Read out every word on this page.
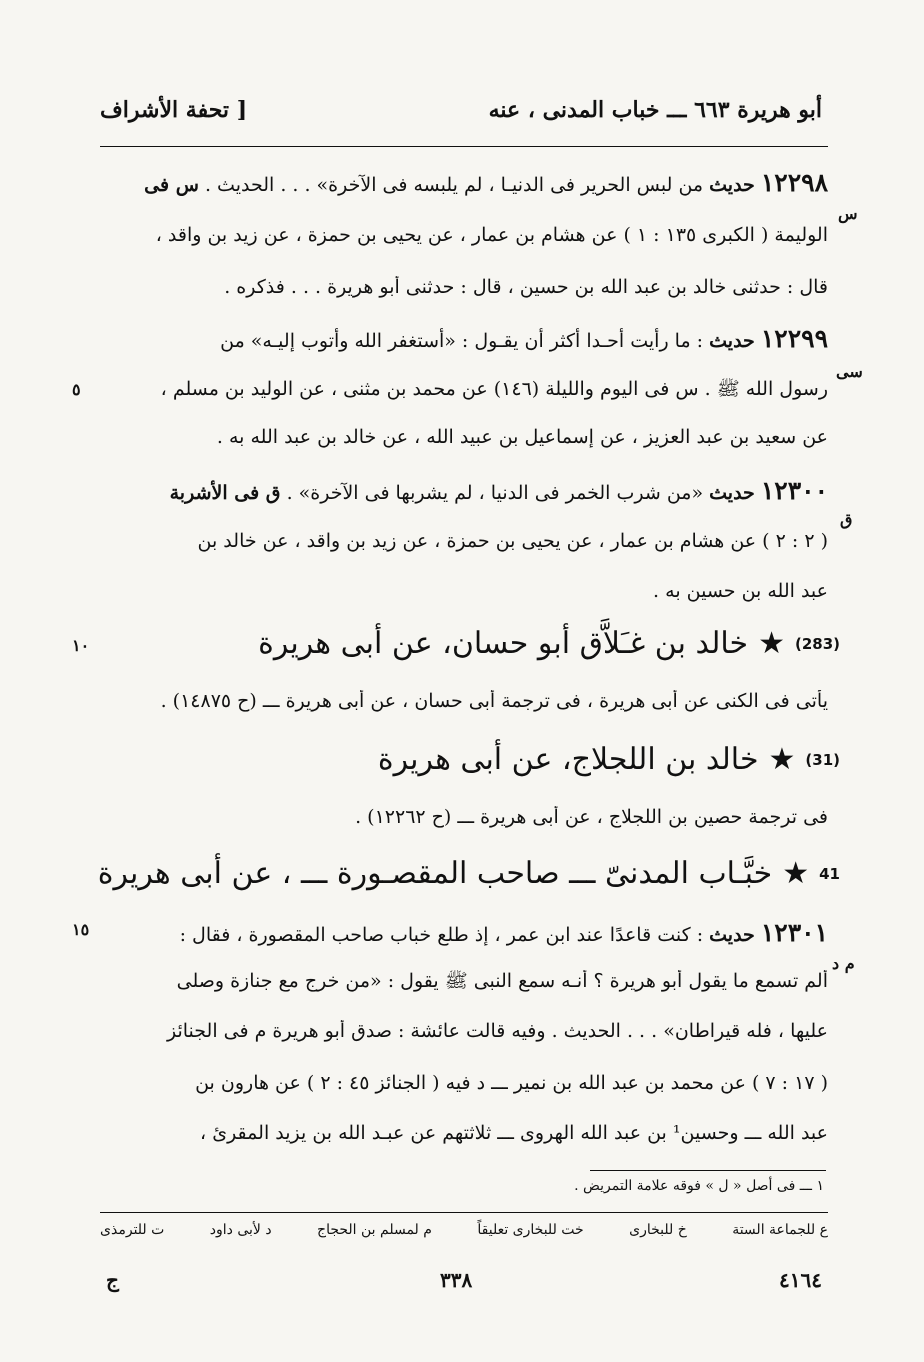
أبو هريرة ٦٦٣ ـــ خباب المدنى ، عنه
[ تحفة الأشراف
١٢٢٩٨ حديث من لبس الحرير فى الدنيـا ، لم يلبسه فى الآخرة» . . . الحديث . س فى
الوليمة ( الكبرى ١٣٥ : ١ ) عن هشام بن عمار ، عن يحيى بن حمزة ، عن زيد بن واقد ،
قال : حدثنى خالد بن عبد الله بن حسين ، قال : حدثنى أبو هريرة . . . فذكره .
١٢٢٩٩ حديث : ما رأيت أحـدا أكثر أن يقـول : «أستغفر الله وأتوب إليـه» من
رسول الله ﷺ . س فى اليوم والليلة (١٤٦) عن محمد بن مثنى ، عن الوليد بن مسلم ،
عن سعيد بن عبد العزيز ، عن إسماعيل بن عبيد الله ، عن خالد بن عبد الله به .
١٢٣٠٠ حديث «من شرب الخمر فى الدنيا ، لم يشربها فى الآخرة» . ق فى الأشربة
( ٢ : ٢ ) عن هشام بن عمار ، عن يحيى بن حمزة ، عن زيد بن واقد ، عن خالد بن
عبد الله بن حسين به .
س
سى
ق
م د
٥
١٠
١٥
(283)
★
خالد بن غـَلاَّق أبو حسان، عن أبى هريرة
يأتى فى الكنى عن أبى هريرة ، فى ترجمة أبى حسان ، عن أبى هريرة ـــ (ح ١٤٨٧٥) .
(31)
★
خالد بن اللجلاج، عن أبى هريرة
فى ترجمة حصين بن اللجلاج ، عن أبى هريرة ـــ (ح ١٢٢٦٢) .
41
★
خبَّـاب المدنىّ ـــ صاحب المقصـورة ـــ ، عن أبى هريرة
١٢٣٠١ حديث : كنت قاعدًا عند ابن عمر ، إذ طلع خباب صاحب المقصورة ، فقال :
ألم تسمع ما يقول أبو هريرة ؟ أنـه سمع النبى ﷺ يقول : «من خرج مع جنازة وصلى
عليها ، فله قيراطان» . . . الحديث . وفيه قالت عائشة : صدق أبو هريرة م فى الجنائز
( ١٧ : ٧ ) عن محمد بن عبد الله بن نمير ـــ د فيه ( الجنائز ٤٥ : ٢ ) عن هارون بن
عبد الله ـــ وحسين¹ بن عبد الله الهروى ـــ ثلاثتهم عن عبـد الله بن يزيد المقرئ ،
١ ـــ فى أصل « ل » فوقه علامة التمريض .
ع للجماعة الستة
خ للبخارى
خت للبخارى تعليقاً
م لمسلم بن الحجاج
د لأبى داود
ت للترمذى
٤١٦٤
٣٣٨
ج
